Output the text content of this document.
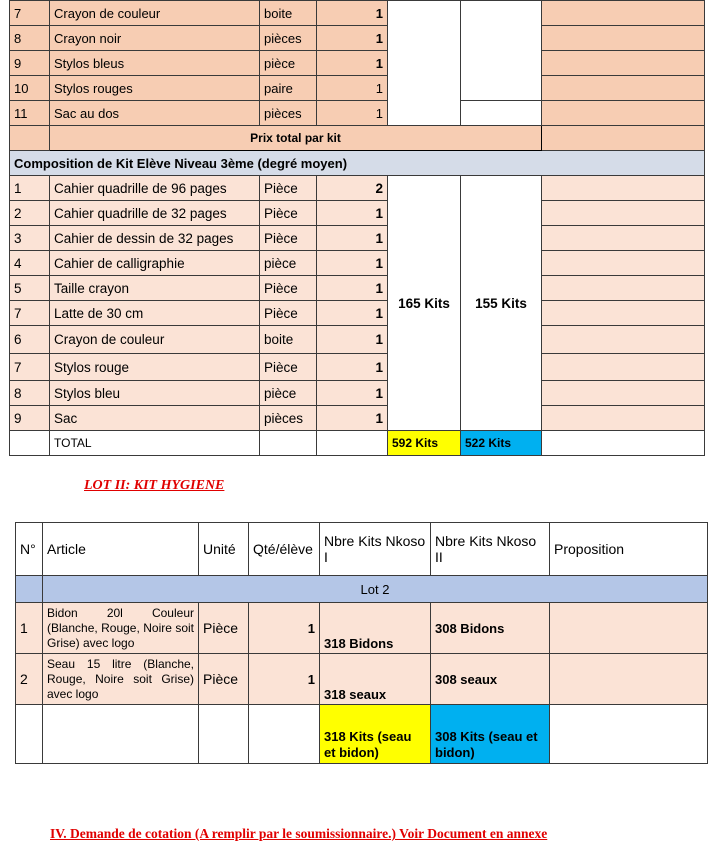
7	Crayon de couleur	boite	1			
8	Crayon noir	pièces	1			
9	Stylos bleus	pièce	1			
10	Stylos rouges	paire	1			
11	Sac au dos	pièces	1			
	Prix total par kit					
Composition de Kit Elève Niveau 3ème (degré moyen)						
1	Cahier quadrille de 96 pages	Pièce	2	165 Kits	155 Kits	
2	Cahier quadrille de 32 pages	Pièce	1			
3	Cahier de dessin de 32 pages	Pièce	1			
4	Cahier de calligraphie	pièce	1			
5	Taille crayon	Pièce	1			
7	Latte de 30 cm	Pièce	1			
6	Crayon de couleur	boite	1			
7	Stylos rouge	Pièce	1			
8	Stylos bleu	pièce	1			
9	Sac	pièces	1			
	TOTAL			592 Kits	522 Kits	
LOT II: KIT HYGIENE
N°	Article	Unité	Qté/élève	Nbre Kits Nkoso I	Nbre Kits Nkoso II	Proposition
	Lot 2					
1	Bidon 20l Couleur (Blanche, Rouge, Noire soit Grise) avec logo	Pièce	1	318 Bidons	308 Bidons	
2	Seau 15 litre (Blanche, Rouge, Noire soit Grise) avec logo	Pièce	1	318 seaux	308 seaux	
				318 Kits (seau et bidon)	308 Kits (seau et bidon)	
IV. Demande de cotation (A remplir par le soumissionnaire.) Voir Document en annexe
